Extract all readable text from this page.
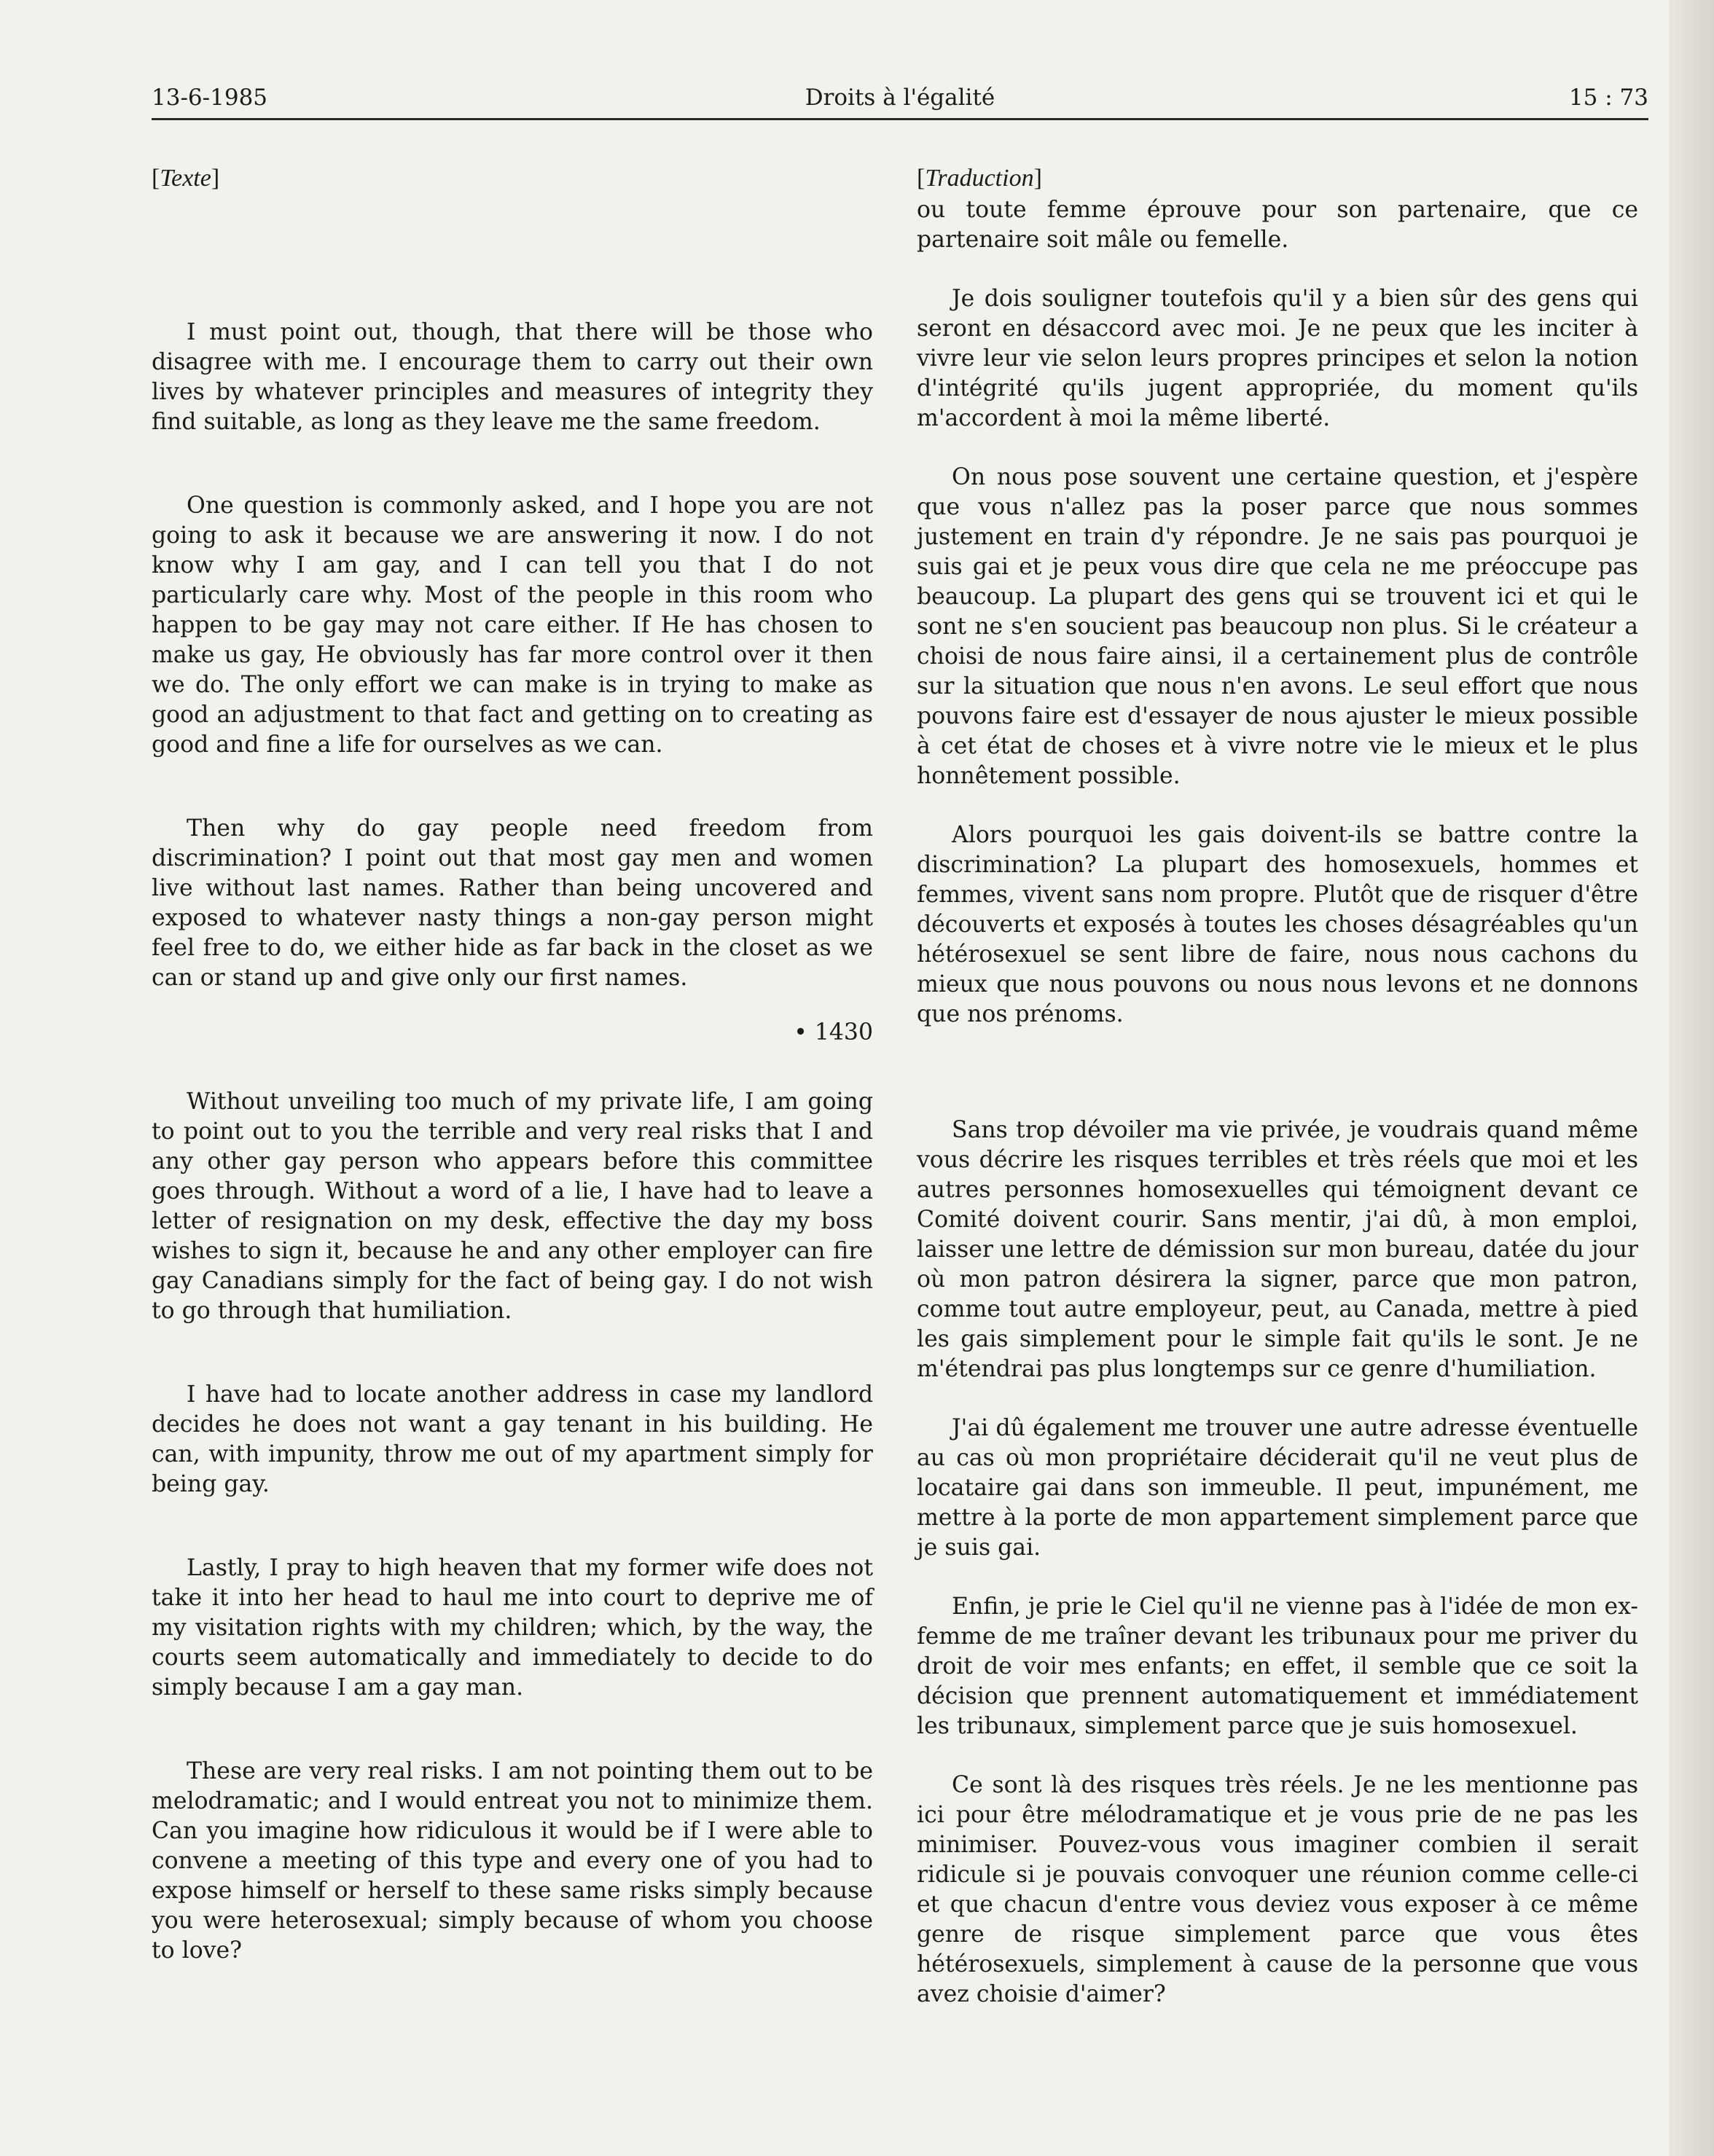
13-6-1985	Droits à l'égalité	15 : 73

[Texte]

I must point out, though, that there will be those who disagree with me. I encourage them to carry out their own lives by whatever principles and measures of integrity they find suitable, as long as they leave me the same freedom.

One question is commonly asked, and I hope you are not going to ask it because we are answering it now. I do not know why I am gay, and I can tell you that I do not particularly care why. Most of the people in this room who happen to be gay may not care either. If He has chosen to make us gay, He obviously has far more control over it then we do. The only effort we can make is in trying to make as good an adjustment to that fact and getting on to creating as good and fine a life for ourselves as we can.

Then why do gay people need freedom from discrimination? I point out that most gay men and women live without last names. Rather than being uncovered and exposed to whatever nasty things a non-gay person might feel free to do, we either hide as far back in the closet as we can or stand up and give only our first names.

• 1430

Without unveiling too much of my private life, I am going to point out to you the terrible and very real risks that I and any other gay person who appears before this committee goes through. Without a word of a lie, I have had to leave a letter of resignation on my desk, effective the day my boss wishes to sign it, because he and any other employer can fire gay Canadians simply for the fact of being gay. I do not wish to go through that humiliation.

I have had to locate another address in case my landlord decides he does not want a gay tenant in his building. He can, with impunity, throw me out of my apartment simply for being gay.

Lastly, I pray to high heaven that my former wife does not take it into her head to haul me into court to deprive me of my visitation rights with my children; which, by the way, the courts seem automatically and immediately to decide to do simply because I am a gay man.

These are very real risks. I am not pointing them out to be melodramatic; and I would entreat you not to minimize them. Can you imagine how ridiculous it would be if I were able to convene a meeting of this type and every one of you had to expose himself or herself to these same risks simply because you were heterosexual; simply because of whom you choose to love?

[Traduction]

ou toute femme éprouve pour son partenaire, que ce partenaire soit mâle ou femelle.

Je dois souligner toutefois qu'il y a bien sûr des gens qui seront en désaccord avec moi. Je ne peux que les inciter à vivre leur vie selon leurs propres principes et selon la notion d'intégrité qu'ils jugent appropriée, du moment qu'ils m'accordent à moi la même liberté.

On nous pose souvent une certaine question, et j'espère que vous n'allez pas la poser parce que nous sommes justement en train d'y répondre. Je ne sais pas pourquoi je suis gai et je peux vous dire que cela ne me préoccupe pas beaucoup. La plupart des gens qui se trouvent ici et qui le sont ne s'en soucient pas beaucoup non plus. Si le créateur a choisi de nous faire ainsi, il a certainement plus de contrôle sur la situation que nous n'en avons. Le seul effort que nous pouvons faire est d'essayer de nous ajuster le mieux possible à cet état de choses et à vivre notre vie le mieux et le plus honnêtement possible.

Alors pourquoi les gais doivent-ils se battre contre la discrimination? La plupart des homosexuels, hommes et femmes, vivent sans nom propre. Plutôt que de risquer d'être découverts et exposés à toutes les choses désagréables qu'un hétérosexuel se sent libre de faire, nous nous cachons du mieux que nous pouvons ou nous nous levons et ne donnons que nos prénoms.

Sans trop dévoiler ma vie privée, je voudrais quand même vous décrire les risques terribles et très réels que moi et les autres personnes homosexuelles qui témoignent devant ce Comité doivent courir. Sans mentir, j'ai dû, à mon emploi, laisser une lettre de démission sur mon bureau, datée du jour où mon patron désirera la signer, parce que mon patron, comme tout autre employeur, peut, au Canada, mettre à pied les gais simplement pour le simple fait qu'ils le sont. Je ne m'étendrai pas plus longtemps sur ce genre d'humiliation.

J'ai dû également me trouver une autre adresse éventuelle au cas où mon propriétaire déciderait qu'il ne veut plus de locataire gai dans son immeuble. Il peut, impunément, me mettre à la porte de mon appartement simplement parce que je suis gai.

Enfin, je prie le Ciel qu'il ne vienne pas à l'idée de mon ex-femme de me traîner devant les tribunaux pour me priver du droit de voir mes enfants; en effet, il semble que ce soit la décision que prennent automatiquement et immédiatement les tribunaux, simplement parce que je suis homosexuel.

Ce sont là des risques très réels. Je ne les mentionne pas ici pour être mélodramatique et je vous prie de ne pas les minimiser. Pouvez-vous vous imaginer combien il serait ridicule si je pouvais convoquer une réunion comme celle-ci et que chacun d'entre vous deviez vous exposer à ce même genre de risque simplement parce que vous êtes hétérosexuels, simplement à cause de la personne que vous avez choisie d'aimer?
